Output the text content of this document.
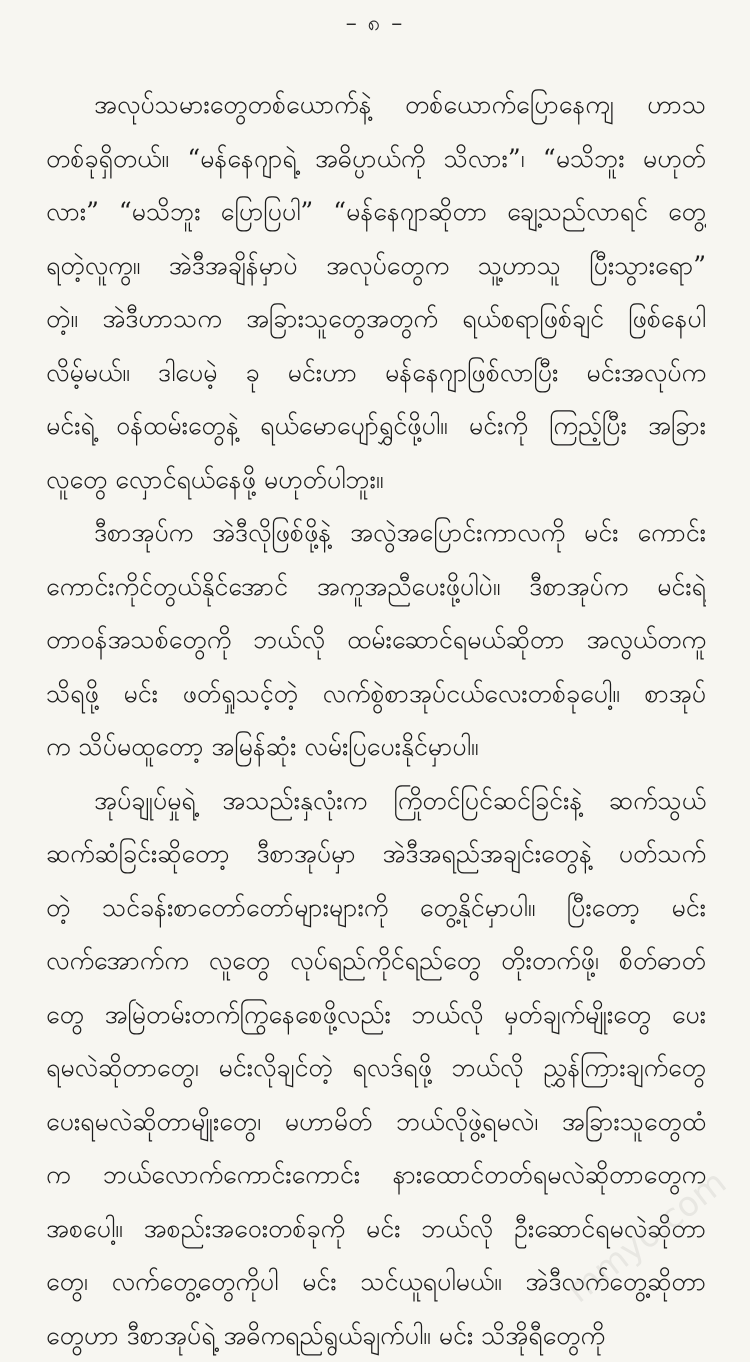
– ၈ –
အလုပ်သမားတွေတစ်ယောက်နဲ့ တစ်ယောက်ပြောနေကျ ဟာသ
တစ်ခုရှိတယ်။ “မန်နေဂျာရဲ့ အဓိပ္ပာယ်ကို သိလား”၊ “မသိဘူး မဟုတ်
လား” “မသိဘူး ပြောပြပါ” “မန်နေဂျာဆိုတာ ချေ့သည်လာရင် တွေ့
ရတဲ့လူကွ။ အဲဒီအချိန်မှာပဲ အလုပ်တွေက သူ့ဟာသူ ပြီးသွားရော”
တဲ့။ အဲဒီဟာသက အခြားသူတွေအတွက် ရယ်စရာဖြစ်ချင် ဖြစ်နေပါ
လိမ့်မယ်။ ဒါပေမဲ့ ခု မင်းဟာ မန်နေဂျာဖြစ်လာပြီး မင်းအလုပ်က
မင်းရဲ့ ဝန်ထမ်းတွေနဲ့ ရယ်မောပျော်ရွှင်ဖို့ပါ။ မင်းကို ကြည့်ပြီး အခြား
လူတွေ လှောင်ရယ်နေဖို့ မဟုတ်ပါဘူး။
ဒီစာအုပ်က အဲဒီလိုဖြစ်ဖို့နဲ့ အလွဲအပြောင်းကာလကို မင်း ကောင်း
ကောင်းကိုင်တွယ်နိုင်အောင် အကူအညီပေးဖို့ပါပဲ။ ဒီစာအုပ်က မင်းရဲ့
တာဝန်အသစ်တွေကို ဘယ်လို ထမ်းဆောင်ရမယ်ဆိုတာ အလွယ်တကူ
သိရဖို့ မင်း ဖတ်ရှုသင့်တဲ့ လက်စွဲစာအုပ်ငယ်လေးတစ်ခုပေါ့။ စာအုပ်
က သိပ်မထူတော့ အမြန်ဆုံး လမ်းပြပေးနိုင်မှာပါ။
အုပ်ချုပ်မှုရဲ့ အသည်းနှလုံးက ကြိုတင်ပြင်ဆင်ခြင်းနဲ့ ဆက်သွယ်
ဆက်ဆံခြင်းဆိုတော့ ဒီစာအုပ်မှာ အဲဒီအရည်အချင်းတွေနဲ့ ပတ်သက်
တဲ့ သင်ခန်းစာတော်တော်များများကို တွေ့နိုင်မှာပါ။ ပြီးတော့ မင်း
လက်အောက်က လူတွေ လုပ်ရည်ကိုင်ရည်တွေ တိုးတက်ဖို့၊ စိတ်ဓာတ်
တွေ အမြဲတမ်းတက်ကြွနေစေဖို့လည်း ဘယ်လို မှတ်ချက်မျိုးတွေ ပေး
ရမလဲဆိုတာတွေ၊ မင်းလိုချင်တဲ့ ရလဒ်ရဖို့ ဘယ်လို ညွှန်ကြားချက်တွေ
ပေးရမလဲဆိုတာမျိုးတွေ၊ မဟာမိတ် ဘယ်လိုဖွဲ့ရမလဲ၊ အခြားသူတွေထံ
က ဘယ်လောက်ကောင်းကောင်း နားထောင်တတ်ရမလဲဆိုတာတွေက
အစပေါ့။ အစည်းအဝေးတစ်ခုကို မင်း ဘယ်လို ဦးဆောင်ရမလဲဆိုတာ
တွေ၊ လက်တွေ့တွေကိုပါ မင်း သင်ယူရပါမယ်။ အဲဒီလက်တွေ့ဆိုတာ
တွေဟာ ဒီစာအုပ်ရဲ့ အဓိကရည်ရွယ်ချက်ပါ။ မင်း သိအိုရီတွေကို
mmyo.com
